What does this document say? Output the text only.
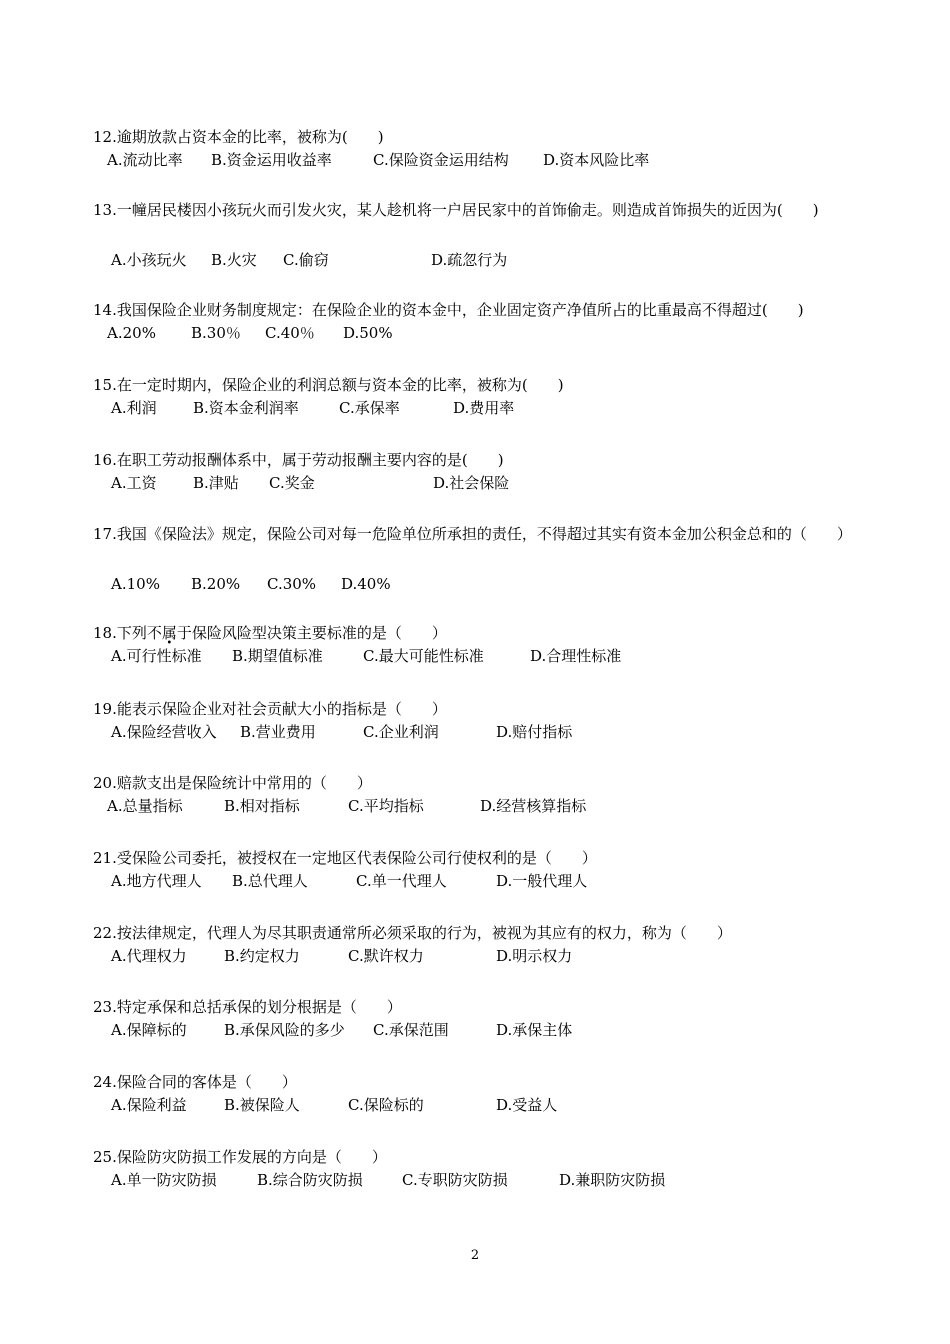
12.逾期放款占资本金的比率，被称为(　　)
A.流动比率 B.资金运用收益率	C.保险资金运用结构 D.资本风险比率
13.一幢居民楼因小孩玩火而引发火灾，某人趁机将一户居民家中的首饰偷走。则造成首饰损失的近因为(　　)
A.小孩玩火 B.火灾 C.偷窃	D.疏忽行为
14.我国保险企业财务制度规定：在保险企业的资本金中，企业固定资产净值所占的比重最高不得超过(　　)
A.20% B.30％ C.40％ D.50%
15.在一定时期内，保险企业的利润总额与资本金的比率，被称为(　　)
A.利润 B.资本金利润率	C.承保率	D.费用率
16.在职工劳动报酬体系中，属于劳动报酬主要内容的是(　　)
A.工资 B.津贴 C.奖金	D.社会保险
17.我国《保险法》规定，保险公司对每一危险单位所承担的责任，不得超过其实有资本金加公积金总和的（　　）
A.10% B.20% C.30% D.40%
18.下列不属于保险风险型决策主要标准的是（　　）
A.可行性标准 B.期望值标准	C.最大可能性标准	D.合理性标准
19.能表示保险企业对社会贡献大小的指标是（　　）
A.保险经营收入 B.营业费用	C.企业利润	D.赔付指标
20.赔款支出是保险统计中常用的（　　）
A.总量指标	B.相对指标	C.平均指标	D.经营核算指标
21.受保险公司委托，被授权在一定地区代表保险公司行使权利的是（　　）
A.地方代理人 B.总代理人	C.单一代理人	D.一般代理人
22.按法律规定，代理人为尽其职责通常所必须采取的行为，被视为其应有的权力，称为（　　）
A.代理权力 B.约定权力	C.默许权力	D.明示权力
23.特定承保和总括承保的划分根据是（　　）
A.保障标的 B.承保风险的多少 C.承保范围	D.承保主体
24.保险合同的客体是（　　）
A.保险利益 B.被保险人	C.保险标的	D.受益人
25.保险防灾防损工作发展的方向是（　　）
A.单一防灾防损	B.综合防灾防损	C.专职防灾防损	D.兼职防灾防损
2
